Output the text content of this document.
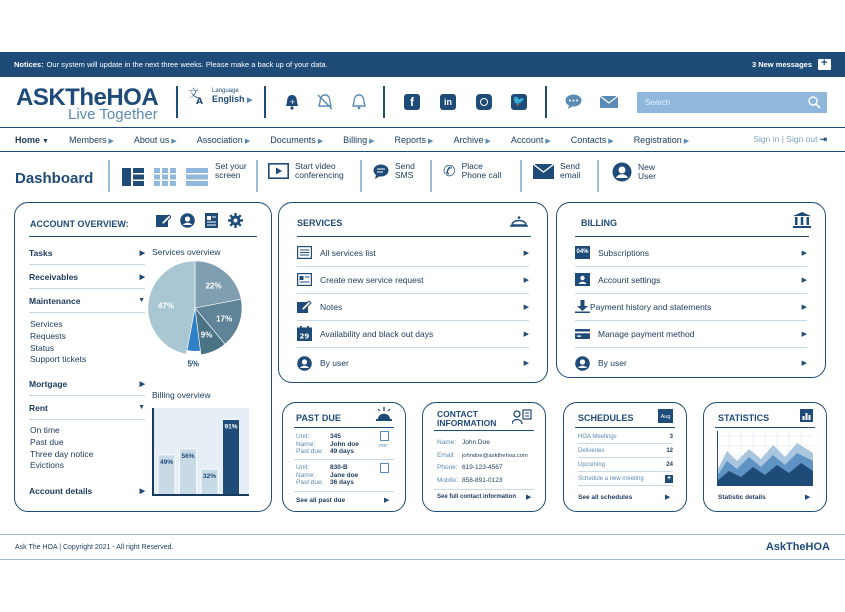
Notices: Our system will update in the next three weeks. Please make a back up of your data.	3 New messages
+
ASKTheHOA
Live Together
文
A
Language
English ▶	+	f	in	🐦	Search
Home ▼ Members ▶ About us ▶ Association ▶ Documents ▶ Billing ▶ Reports ▶ Archive ▶ Account ▶ Contacts ▶ Registration ▶	Sign in | Sign out ⇥
Dashboard
Set your screen
Start video conferencing
Send SMS	✆ Place Phone call
Send email
New User
ACCOUNT OVERVIEW:
Tasks	▶
Receivables	▶
Maintenance	▼
Services
Requests
Status
Support tickets
Mortgage	▶
Rent	▼
On time
Past due
Three day notice
Evictions
Account details	▶
Services overview
22%
17%
9%
5%
47%
Billing overview
49%
56%
32%
91%
SERVICES
All services list	▶
Create new service request	▶
Notes	▶
29 Availability and black out days	▶
By user	▶
BILLING
04% Subscriptions	▶
Account settings	▶
Payment history and statements	▶
Manage payment method	▶
By user	▶
PAST DUE
Unit:	345
Name: John doe
Past due: 49 days
PDF
Unit:	830-B
Name: Jane doe
Past due: 36 days
See all past due	▶
CONTACT
INFORMATION
Name: John Doe
Email: johndoe@askthehoa.com
Phone: 619-123-4567
Mobile: 858-891-0123
See full contact information ▶
SCHEDULES	Aug
HOA Meetings	3
Deliveries	12
Upcoming	24
Schedule a new meeting	+
See all schedules	▶
STATISTICS
Statistic details	▶
Ask The HOA | Copyright 2021 - All right Reserved.	AskTheHOA
